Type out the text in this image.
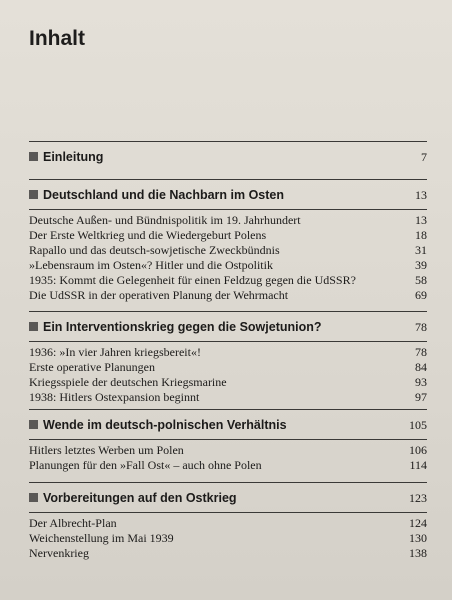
Inhalt
Einleitung	7
Deutschland und die Nachbarn im Osten	13
Deutsche Außen- und Bündnispolitik im 19. Jahrhundert	13
Der Erste Weltkrieg und die Wiedergeburt Polens	18
Rapallo und das deutsch-sowjetische Zweckbündnis	31
»Lebensraum im Osten«? Hitler und die Ostpolitik	39
1935: Kommt die Gelegenheit für einen Feldzug gegen die UdSSR?	58
Die UdSSR in der operativen Planung der Wehrmacht	69
Ein Interventionskrieg gegen die Sowjetunion?	78
1936: »In vier Jahren kriegsbereit«!	78
Erste operative Planungen	84
Kriegsspiele der deutschen Kriegsmarine	93
1938: Hitlers Ostexpansion beginnt	97
Wende im deutsch-polnischen Verhältnis	105
Hitlers letztes Werben um Polen	106
Planungen für den »Fall Ost« – auch ohne Polen	114
Vorbereitungen auf den Ostkrieg	123
Der Albrecht-Plan	124
Weichenstellung im Mai 1939	130
Nervenkrieg	138
